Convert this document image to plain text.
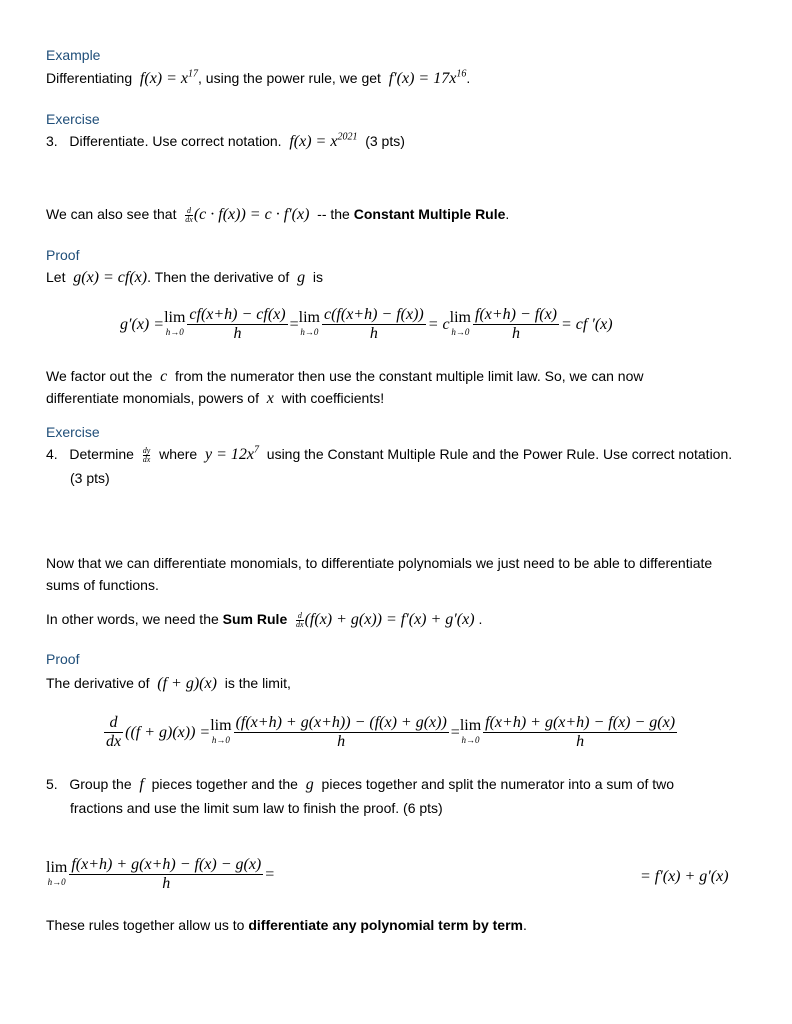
Example
Differentiating $f(x) = x^{17}$, using the power rule, we get $f'(x) = 17x^{16}$.
Exercise
3. Differentiate. Use correct notation. $f(x) = x^{2021}$ (3 pts)
We can also see that $\frac{d}{dx}(c \cdot f(x)) = c \cdot f'(x)$ -- the Constant Multiple Rule.
Proof
Let g(x) = cf(x). Then the derivative of g is
g′(x) = lim
$h\to 0 \frac{cf(x+h) - cf(x)}{h} = \lim$
$h\to 0 \frac{c(f(x+h) - f(x))}{h} = c$ lim
$h\to 0 \frac{f(x+h) - f(x)}{h}$ = cf ′(x)
We factor out the c from the numerator then use the constant multiple limit law. So, we can now
differentiate monomials, powers of x with coefficients!
Exercise
4. Determine $\frac{dy}{dx}$ where $y = 12x^7$ using the Constant Multiple Rule and the Power Rule. Use correct notation.
(3 pts)
Now that we can differentiate monomials, to differentiate polynomials we just need to be able to differentiate
sums of functions.
In other words, we need the Sum Rule $\frac{d}{dx}(f(x) + g(x)) = f'(x) + g'(x)$ .
Proof
The derivative of (f + g)(x) is the limit,
$\frac{d}{dx} ((f + g)(x)) = \lim$
$h\to 0 \frac{(f(x+h) + g(x+h)) - (f(x) + g(x))}{h} = \lim$
$h\to 0 \frac{f(x+h) + g(x+h) - f(x) - g(x)}{h}$
5. Group the f pieces together and the g pieces together and split the numerator into a sum of two
fractions and use the limit sum law to finish the proof. (6 pts)
lim
$h\to 0 \frac{f(x+h) + g(x+h) - f(x) - g(x)}{h}$ =	= f′(x) + g′(x)
These rules together allow us to differentiate any polynomial term by term.
